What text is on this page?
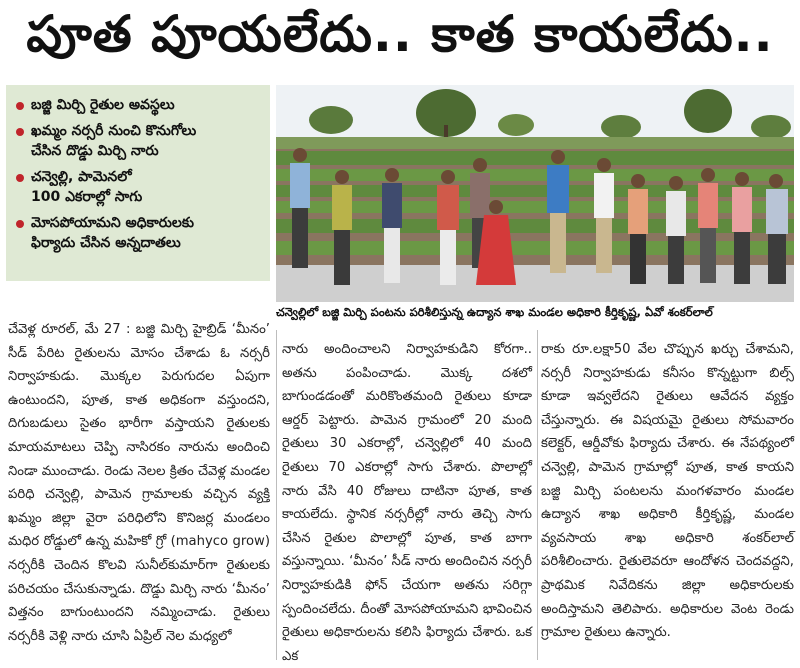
పూత పూయలేదు.. కాత కాయలేదు..
బజ్జి మిర్చి రైతుల అవస్థలు
ఖమ్మం నర్సరీ నుంచి కొనుగోలు
చేసిన దొడ్డు మిర్చి నారు
చన్వెల్లి, పామెనలో
100 ఎకరాల్లో సాగు
మోసపోయామని అధికారులకు
ఫిర్యాదు చేసిన అన్నదాతలు
చన్వెల్లిలో బజ్జి మిర్చి పంటను పరిశీలిస్తున్న ఉద్యాన శాఖ మండల అధికారి కీర్తికృష్ణ, ఏవో శంకర్‌లాల్

చేవెళ్ల రూరల్‌, మే 27 : బజ్జి మిర్చి హైబ్రిడ్‌ ‘మీనం’ సీడ్‌ పేరిట రైతులను మోసం చేశాడు ఓ నర్సరీ నిర్వాహకుడు. మొక్కల పెరుగుదల ఏపుగా ఉంటుందని, పూత, కాత అధికంగా వస్తుందని, దిగుబడులు సైతం భారీగా వస్తాయని రైతులకు మాయమాటలు చెప్పి నాసిరకం నారును అందించి నిండా ముంచాడు. రెండు నెలల క్రితం చేవెళ్ల మండల పరిధి చన్వెల్లి, పామెన గ్రామాలకు వచ్చిన వ్యక్తి ఖమ్మం జిల్లా వైరా పరిధిలోని కొనిజర్ల మండలం మధిర రోడ్డులో ఉన్న మహికో గ్రో (mahyco grow) నర్సరీకి చెందిన కొలవి సునీల్‌కుమార్‌గా రైతులకు పరిచయం చేసుకున్నాడు. దొడ్డు మిర్చి నారు ‘మీనం’ విత్తనం బాగుంటుందని నమ్మించాడు. రైతులు నర్సరీకి వెళ్లి నారు చూసి ఏప్రిల్‌ నెల మధ్యలో

నారు అందించాలని నిర్వాహకుడిని కోరగా.. అతను పంపించాడు. మొక్క దశలో బాగుండడంతో మరికొంతమంది రైతులు కూడా ఆర్డర్‌ పెట్టారు. పామెన గ్రామంలో 20 మంది రైతులు 30 ఎకరాల్లో, చన్వెల్లిలో 40 మంది రైతులు 70 ఎకరాల్లో సాగు చేశారు. పొలాల్లో నారు వేసి 40 రోజులు దాటినా పూత, కాత కాయలేదు. స్థానిక నర్సరీల్లో నారు తెచ్చి సాగు చేసిన రైతుల పొలాల్లో పూత, కాత బాగా వస్తున్నాయి. ‘మీనం’ సీడ్‌ నారు అందించిన నర్సరీ నిర్వాహకుడికి ఫోన్‌ చేయగా అతను సరిగ్గా స్పందించలేదు. దీంతో మోసపోయామని భావించిన రైతులు అధికారులను కలిసి ఫిర్యాదు చేశారు. ఒక ఎక

రాకు రూ.లక్షా50 వేల చొప్పున ఖర్చు చేశామని, నర్సరీ నిర్వాహకుడు కనీసం కొన్నట్టుగా బిల్స్‌ కూడా ఇవ్వలేదని రైతులు ఆవేదన వ్యక్తం చేస్తున్నారు. ఈ విషయమై రైతులు సోమవారం కలెక్టర్‌, ఆర్డీవోకు ఫిర్యాదు చేశారు. ఈ నేపథ్యంలో చన్వెల్లి, పామెన గ్రామాల్లో పూత, కాత కాయని బజ్జి మిర్చి పంటలను మంగళవారం మండల ఉద్యాన శాఖ అధికారి కీర్తికృష్ణ, మండల వ్యవసాయ శాఖ అధికారి శంకర్‌లాల్‌ పరిశీలించారు. రైతులెవరూ ఆందోళన చెందవద్దని, ప్రాథమిక నివేదికను జిల్లా అధికారులకు అందిస్తామని తెలిపారు. అధికారుల వెంట రెండు గ్రామాల రైతులు ఉన్నారు.
